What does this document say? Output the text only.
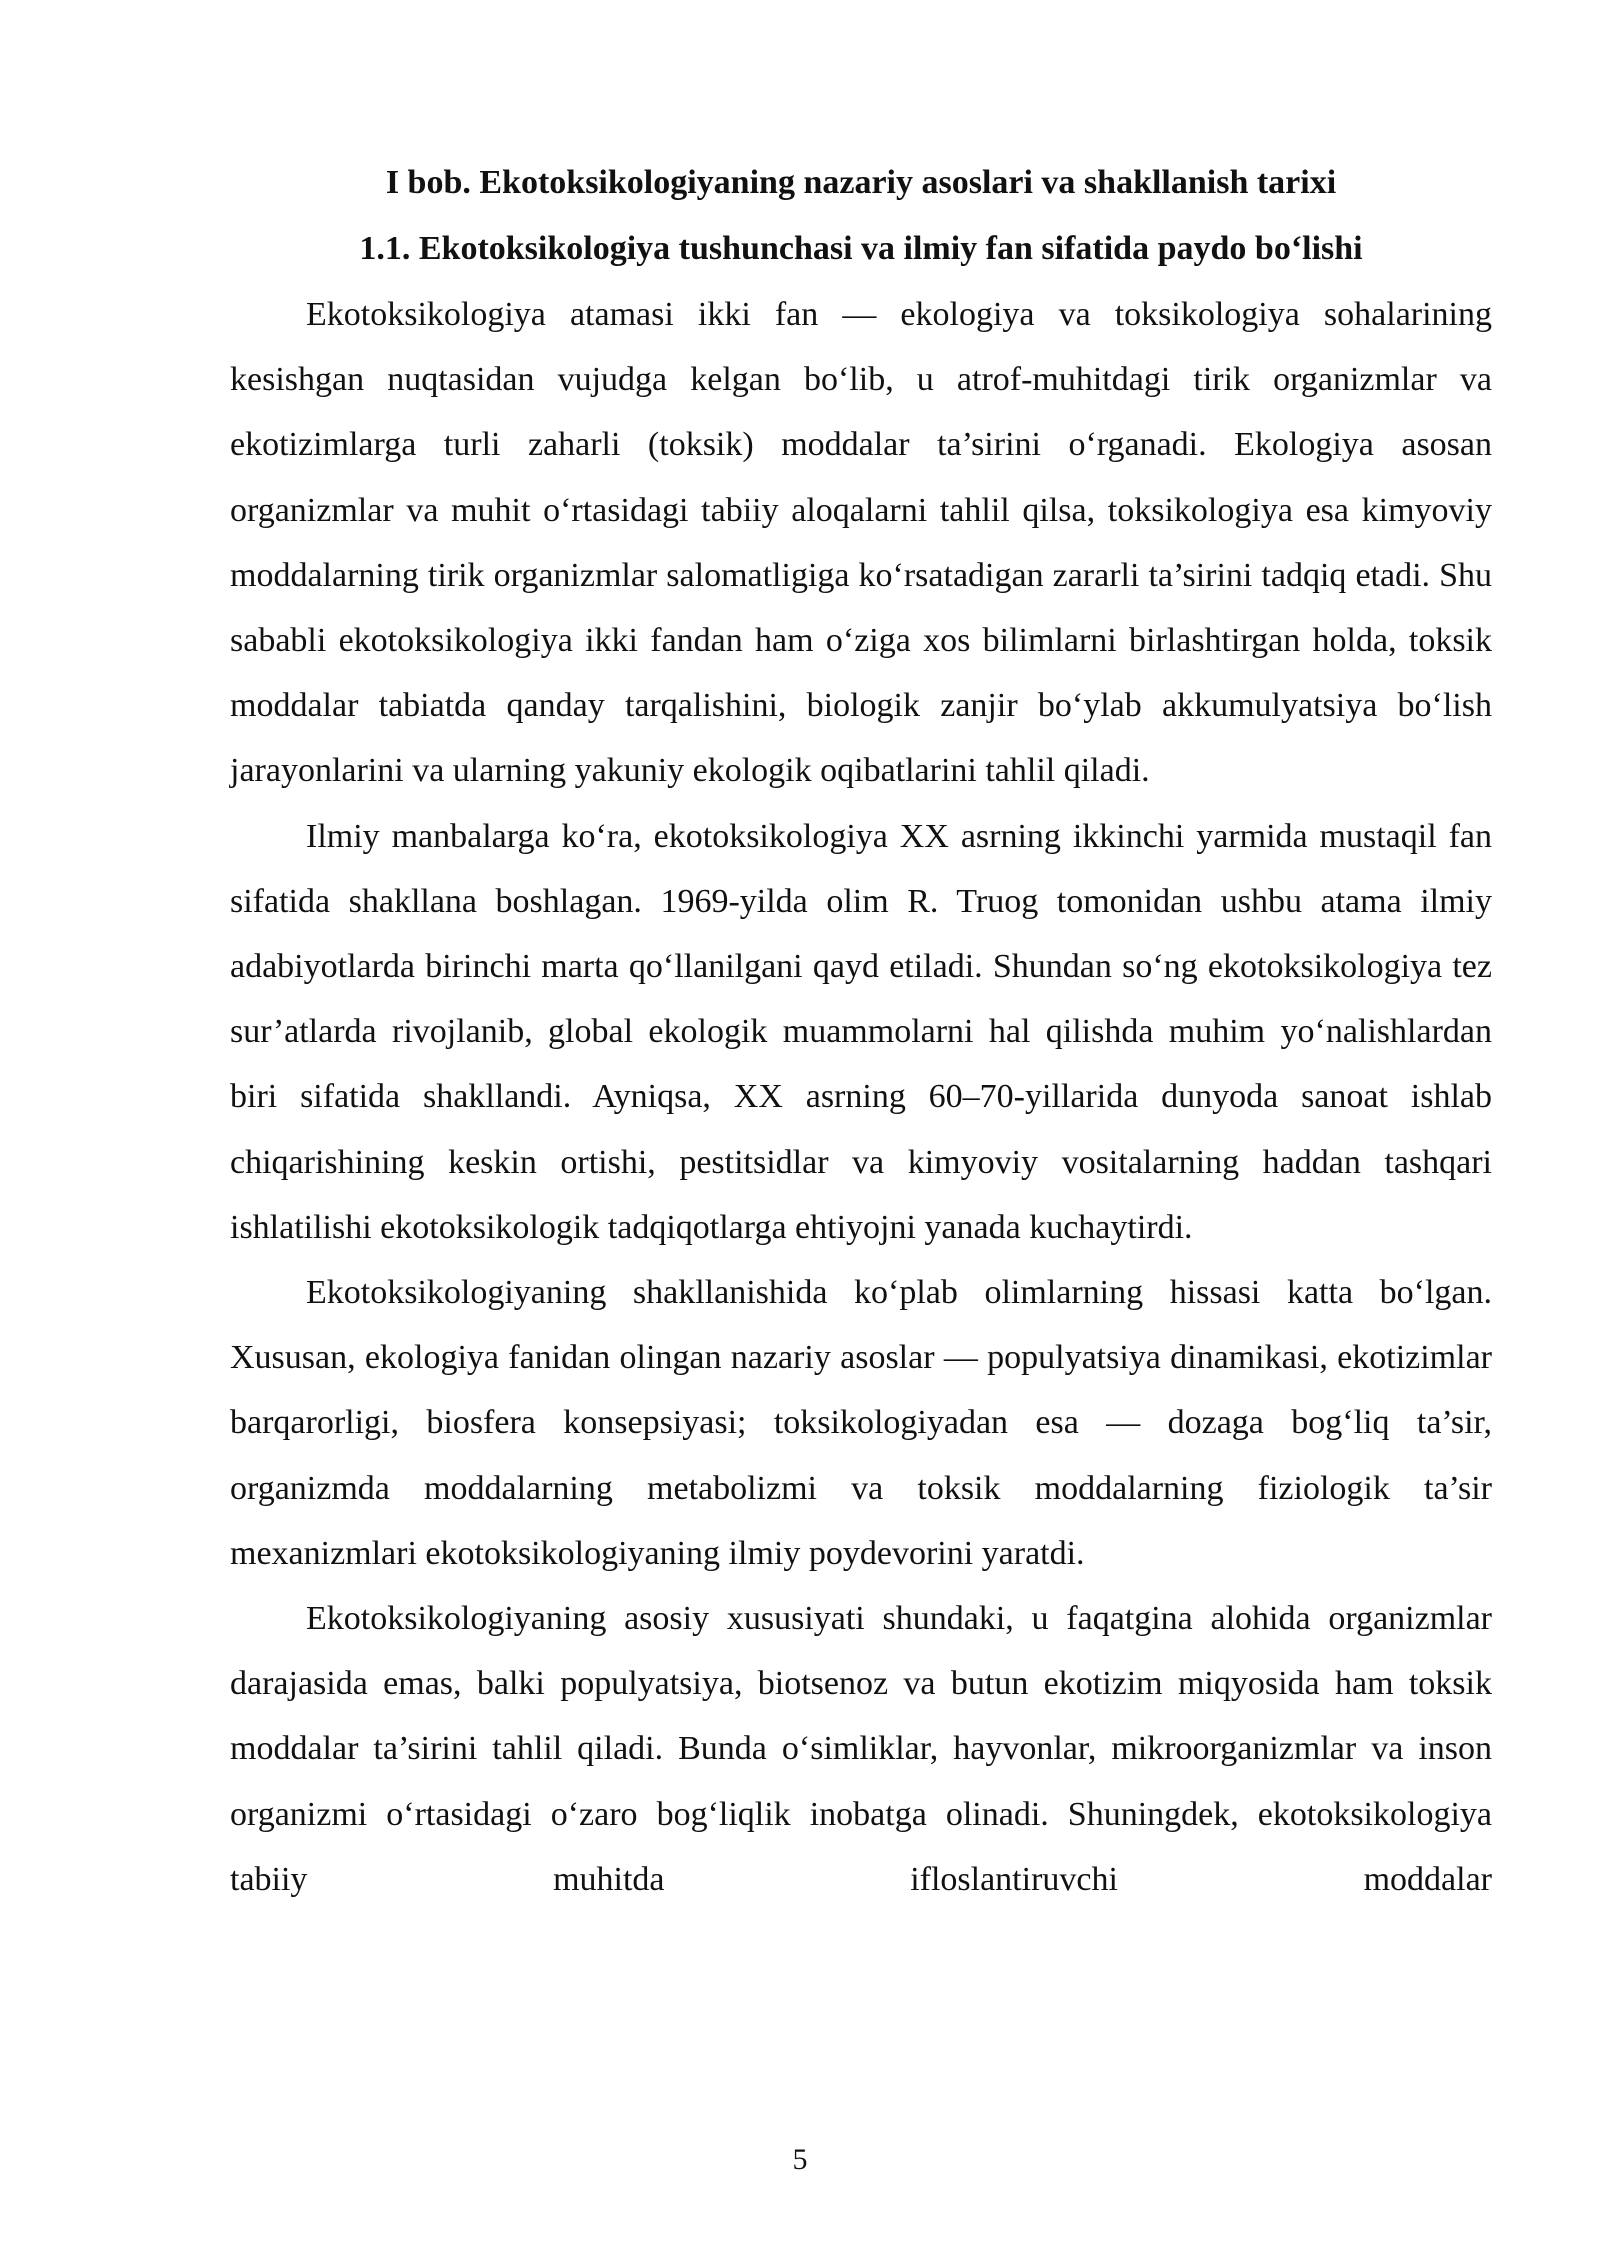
I bob. Ekotoksikologiyaning nazariy asoslari va shakllanish tarixi
1.1. Ekotoksikologiya tushunchasi va ilmiy fan sifatida paydo bo‘lishi

Ekotoksikologiya atamasi ikki fan — ekologiya va toksikologiya sohalarining kesishgan nuqtasidan vujudga kelgan bo‘lib, u atrof-muhitdagi tirik organizmlar va ekotizimlarga turli zaharli (toksik) moddalar ta’sirini o‘rganadi. Ekologiya asosan organizmlar va muhit o‘rtasidagi tabiiy aloqalarni tahlil qilsa, toksikologiya esa kimyoviy moddalarning tirik organizmlar salomatligiga ko‘rsatadigan zararli ta’sirini tadqiq etadi. Shu sababli ekotoksikologiya ikki fandan ham o‘ziga xos bilimlarni birlashtirgan holda, toksik moddalar tabiatda qanday tarqalishini, biologik zanjir bo‘ylab akkumulyatsiya bo‘lish jarayonlarini va ularning yakuniy ekologik oqibatlarini tahlil qiladi.

Ilmiy manbalarga ko‘ra, ekotoksikologiya XX asrning ikkinchi yarmida mustaqil fan sifatida shakllana boshlagan. 1969-yilda olim R. Truog tomonidan ushbu atama ilmiy adabiyotlarda birinchi marta qo‘llanilgani qayd etiladi. Shundan so‘ng ekotoksikologiya tez sur’atlarda rivojlanib, global ekologik muammolarni hal qilishda muhim yo‘nalishlardan biri sifatida shakllandi. Ayniqsa, XX asrning 60–70-yillarida dunyoda sanoat ishlab chiqarishining keskin ortishi, pestitsidlar va kimyoviy vositalarning haddan tashqari ishlatilishi ekotoksikologik tadqiqotlarga ehtiyojni yanada kuchaytirdi.

Ekotoksikologiyaning shakllanishida ko‘plab olimlarning hissasi katta bo‘lgan. Xususan, ekologiya fanidan olingan nazariy asoslar — populyatsiya dinamikasi, ekotizimlar barqarorligi, biosfera konsepsiyasi; toksikologiyadan esa — dozaga bog‘liq ta’sir, organizmda moddalarning metabolizmi va toksik moddalarning fiziologik ta’sir mexanizmlari ekotoksikologiyaning ilmiy poydevorini yaratdi.

Ekotoksikologiyaning asosiy xususiyati shundaki, u faqatgina alohida organizmlar darajasida emas, balki populyatsiya, biotsenoz va butun ekotizim miqyosida ham toksik moddalar ta’sirini tahlil qiladi. Bunda o‘simliklar, hayvonlar, mikroorganizmlar va inson organizmi o‘rtasidagi o‘zaro bog‘liqlik inobatga olinadi. Shuningdek, ekotoksikologiya tabiiy muhitda ifloslantiruvchi moddalar

5
